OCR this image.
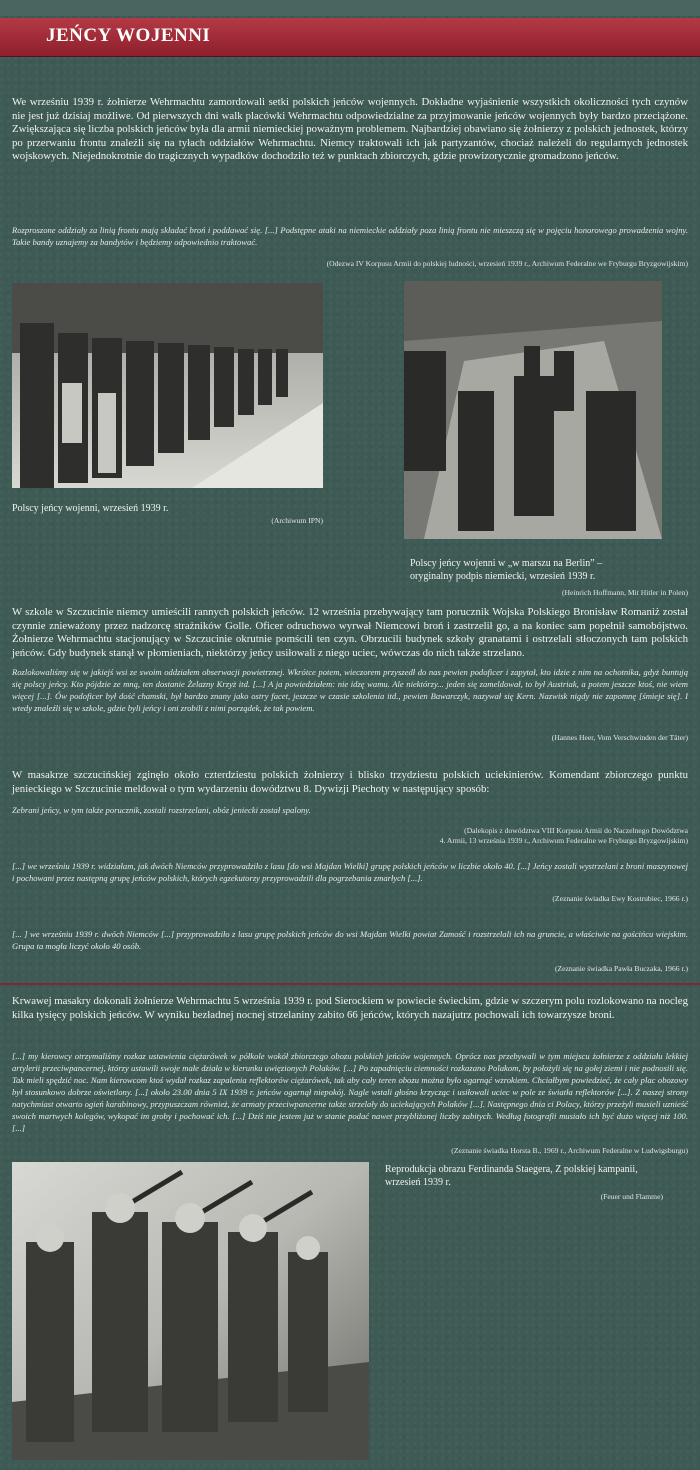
JEŃCY WOJENNI
We wrześniu 1939 r. żołnierze Wehrmachtu zamordowali setki polskich jeńców wojennych. Dokładne wyjaśnienie wszystkich okoliczności tych czynów nie jest już dzisiaj możliwe. Od pierwszych dni walk placówki Wehrmachtu odpowiedzialne za przyjmowanie jeńców wojennych były bardzo przeciążone. Zwiększająca się liczba polskich jeńców była dla armii niemieckiej poważnym problemem. Najbardziej obawiano się żołnierzy z polskich jednostek, którzy po przerwaniu frontu znaleźli się na tyłach oddziałów Wehrmachtu. Niemcy traktowali ich jak partyzantów, chociaż należeli do regularnych jednostek wojskowych. Niejednokrotnie do tragicznych wypadków dochodziło też w punktach zbiorczych, gdzie prowizorycznie gromadzono jeńców.
Rozproszone oddziały za linią frontu mają składać broń i poddawać się. [...] Podstępne ataki na niemieckie oddziały poza linią frontu nie mieszczą się w pojęciu honorowego prowadzenia wojny. Takie bandy uznajemy za bandytów i będziemy odpowiednio traktować.
(Odezwa IV Korpusu Armii do polskiej ludności, wrzesień 1939 r., Archiwum Federalne we Fryburgu Bryzgowijskim)
Polscy jeńcy wojenni, wrzesień 1939 r.
(Archiwum IPN)
Polscy jeńcy wojenni w „w marszu na Berlin” –
oryginalny podpis niemiecki, wrzesień 1939 r.
(Heinrich Hoffmann, Mit Hitler in Polen)
W szkole w Szczucinie niemcy umieścili rannych polskich jeńców. 12 września przebywający tam porucznik Wojska Polskiego Bronisław Romaniż został czynnie znieważony przez nadzorcę strażników Golle. Oficer odruchowo wyrwał Niemcowi broń i zastrzelił go, a na koniec sam popełnił samobójstwo. Żołnierze Wehrmachtu stacjonujący w Szczucinie okrutnie pomścili ten czyn. Obrzucili budynek szkoły granatami i ostrzelali stłoczonych tam polskich jeńców. Gdy budynek stanął w płomieniach, niektórzy jeńcy usiłowali z niego uciec, wówczas do nich także strzelano.
Rozlokowaliśmy się w jakiejś wsi ze swoim oddziałem obserwacji powietrznej. Wkrótce potem, wieczorem przyszedł do nas pewien podoficer i zapytał, kto idzie z nim na ochotnika, gdyż buntują się polscy jeńcy. Kto pójdzie ze mną, ten dostanie Żelazny Krzyż itd. [...] A ja powiedziałem: nie idzę wamu. Ale niektórzy... jeden się zameldował, to był Austriak, a potem jeszcze ktoś, nie wiem więcej [...]. Ów podoficer był dość chamski, był bardzo znany jako ostry facet, jeszcze w czasie szkolenia itd., pewien Bawarczyk, nazywał się Kern. Nazwisk nigdy nie zapomnę [śmieje się]. I wtedy znaleźli się w szkole, gdzie byli jeńcy i oni zrobili z nimi porządek, że tak powiem.
(Hannes Heer, Vom Verschwinden der Täter)
W masakrze szczucińskiej zginęło około czterdziestu polskich żołnierzy i blisko trzydziestu polskich uciekinierów. Komendant zbiorczego punktu jenieckiego w Szczucinie meldował o tym wydarzeniu dowództwu 8. Dywizji Piechoty w następujący sposób:
Zebrani jeńcy, w tym także porucznik, zostali rozstrzelani, obóz jeniecki został spalony.
(Dalekopis z dowództwa VIII Korpusu Armii do Naczelnego Dowództwa
4. Armii, 13 września 1939 r., Archiwum Federalne we Fryburgu Bryzgowijskim)
[...] we wrześniu 1939 r. widziałam, jak dwóch Niemców przyprowadziło z lasu [do wsi Majdan Wielki] grupę polskich jeńców w liczbie około 40. [...] Jeńcy zostali wystrzelani z broni maszynowej i pochowani przez następną grupę jeńców polskich, których egzekutorzy przyprowadzili dla pogrzebania zmarłych [...].
(Zeznanie świadka Ewy Kostrubiec, 1966 r.)
[... ] we wrześniu 1939 r. dwóch Niemców [...] przyprowadziło z lasu grupę polskich jeńców do wsi Majdan Wielki powiat Zamość i rozstrzelali ich na gruncie, a właściwie na gościńcu wiejskim. Grupa ta mogła liczyć około 40 osób.
(Zeznanie świadka Pawła Buczaka, 1966 r.)
Krwawej masakry dokonali żołnierze Wehrmachtu 5 września 1939 r. pod Sierockiem w powiecie świeckim, gdzie w szczerym polu rozlokowano na nocleg kilka tysięcy polskich jeńców. W wyniku bezładnej nocnej strzelaniny zabito 66 jeńców, których nazajutrz pochowali ich towarzysze broni.
[...] my kierowcy otrzymaliśmy rozkaz ustawienia ciężarówek w półkole wokół zbiorczego obozu polskich jeńców wojennych. Oprócz nas przebywali w tym miejscu żołnierze z oddziału lekkiej artylerii przeciwpancernej, którzy ustawili swoje małe działa w kierunku uwięzionych Polaków. [...] Po zapadnięciu ciemności rozkazano Polakom, by położyli się na gołej ziemi i nie podnosili się. Tak mieli spędzić noc. Nam kierowcom ktoś wydał rozkaz zapalenia reflektorów ciężarówek, tak aby cały teren obozu można było ogarnąć wzrokiem. Chciałbym powiedzieć, że cały plac obozowy był stosunkowo dobrze oświetlony. [...] około 23.00 dnia 5 IX 1939 r. jeńców ogarnął niepokój. Nagle wstali głośno krzycząc i usiłowali uciec w pole ze światła reflektorów [...]. Z naszej strony natychmiast otwarto ogień karabinowy, przypuszczam również, że armaty przeciwpancerne także strzelały do uciekających Polaków [...]. Następnego dnia ci Polacy, którzy przeżyli musieli uznieść swoich martwych kolegów, wykopać im groby i pochować ich. [...] Dziś nie jestem już w stanie podać nawet przybliżonej liczby zabitych. Według fotografii musiało ich być dużo więcej niż 100. [...]
(Zeznanie świadka Horsta B., 1969 r., Archiwum Federalne w Ludwigsburgu)
Reprodukcja obrazu Ferdinanda Staegera, Z polskiej kampanii,
wrzesień 1939 r.
(Feuer und Flamme)
